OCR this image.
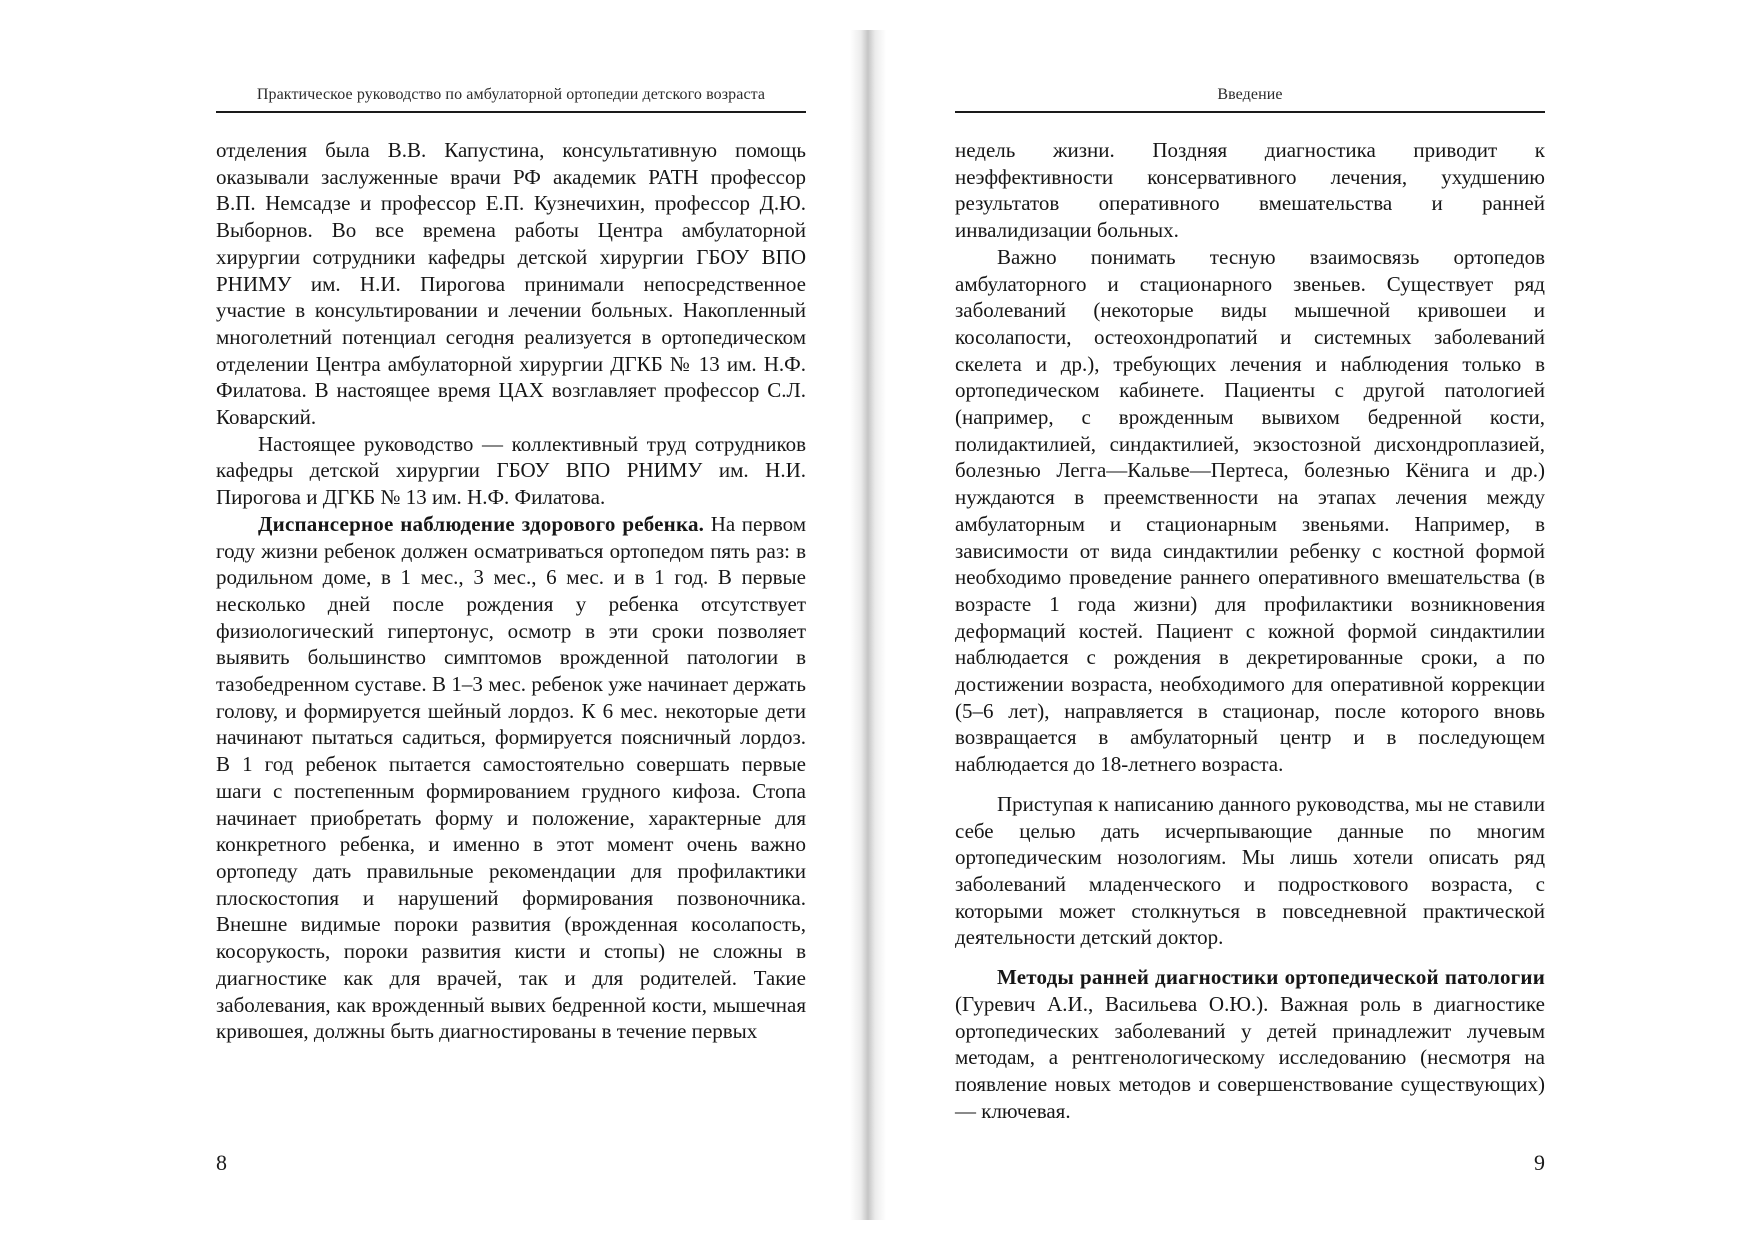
Практическое руководство по амбулаторной ортопедии детского возраста

отделения была В.В. Капустина, консультативную помощь оказывали заслуженные врачи РФ академик РАТН профессор В.П. Немсадзе и профессор Е.П. Кузнечихин, профессор Д.Ю. Выборнов. Во все времена работы Центра амбулаторной хирургии сотрудники кафедры детской хирургии ГБОУ ВПО РНИМУ им. Н.И. Пирогова принимали непосредственное участие в консультировании и лечении больных. Накопленный многолетний потенциал сегодня реализуется в ортопедическом отделении Центра амбулаторной хирургии ДГКБ № 13 им. Н.Ф. Филатова. В настоящее время ЦАХ возглавляет профессор С.Л. Коварский.

Настоящее руководство — коллективный труд сотрудников кафедры детской хирургии ГБОУ ВПО РНИМУ им. Н.И. Пирогова и ДГКБ № 13 им. Н.Ф. Филатова.

Диспансерное наблюдение здорового ребенка. На первом году жизни ребенок должен осматриваться ортопедом пять раз: в родильном доме, в 1 мес., 3 мес., 6 мес. и в 1 год. В первые несколько дней после рождения у ребенка отсутствует физиологический гипертонус, осмотр в эти сроки позволяет выявить большинство симптомов врожденной патологии в тазобедренном суставе. В 1–3 мес. ребенок уже начинает держать голову, и формируется шейный лордоз. К 6 мес. некоторые дети начинают пытаться садиться, формируется поясничный лордоз. В 1 год ребенок пытается самостоятельно совершать первые шаги с постепенным формированием грудного кифоза. Стопа начинает приобретать форму и положение, характерные для конкретного ребенка, и именно в этот момент очень важно ортопеду дать правильные рекомендации для профилактики плоскостопия и нарушений формирования позвоночника. Внешне видимые пороки развития (врожденная косолапость, косорукость, пороки развития кисти и стопы) не сложны в диагностике как для врачей, так и для родителей. Такие заболевания, как врожденный вывих бедренной кости, мышечная кривошея, должны быть диагностированы в течение первых

8
Введение

недель жизни. Поздняя диагностика приводит к неэффективности консервативного лечения, ухудшению результатов оперативного вмешательства и ранней инвалидизации больных.

Важно понимать тесную взаимосвязь ортопедов амбулаторного и стационарного звеньев. Существует ряд заболеваний (некоторые виды мышечной кривошеи и косолапости, остеохондропатий и системных заболеваний скелета и др.), требующих лечения и наблюдения только в ортопедическом кабинете. Пациенты с другой патологией (например, с врожденным вывихом бедренной кости, полидактилией, синдактилией, экзостозной дисхондроплазией, болезнью Легга—Кальве—Пертеса, болезнью Кёнига и др.) нуждаются в преемственности на этапах лечения между амбулаторным и стационарным звеньями. Например, в зависимости от вида синдактилии ребенку с костной формой необходимо проведение раннего оперативного вмешательства (в возрасте 1 года жизни) для профилактики возникновения деформаций костей. Пациент с кожной формой синдактилии наблюдается с рождения в декретированные сроки, а по достижении возраста, необходимого для оперативной коррекции (5–6 лет), направляется в стационар, после которого вновь возвращается в амбулаторный центр и в последующем наблюдается до 18-летнего возраста.

Приступая к написанию данного руководства, мы не ставили себе целью дать исчерпывающие данные по многим ортопедическим нозологиям. Мы лишь хотели описать ряд заболеваний младенческого и подросткового возраста, с которыми может столкнуться в повседневной практической деятельности детский доктор.

Методы ранней диагностики ортопедической патологии (Гуревич А.И., Васильева О.Ю.). Важная роль в диагностике ортопедических заболеваний у детей принадлежит лучевым методам, а рентгенологическому исследованию (несмотря на появление новых методов и совершенствование существующих) — ключевая.

9
